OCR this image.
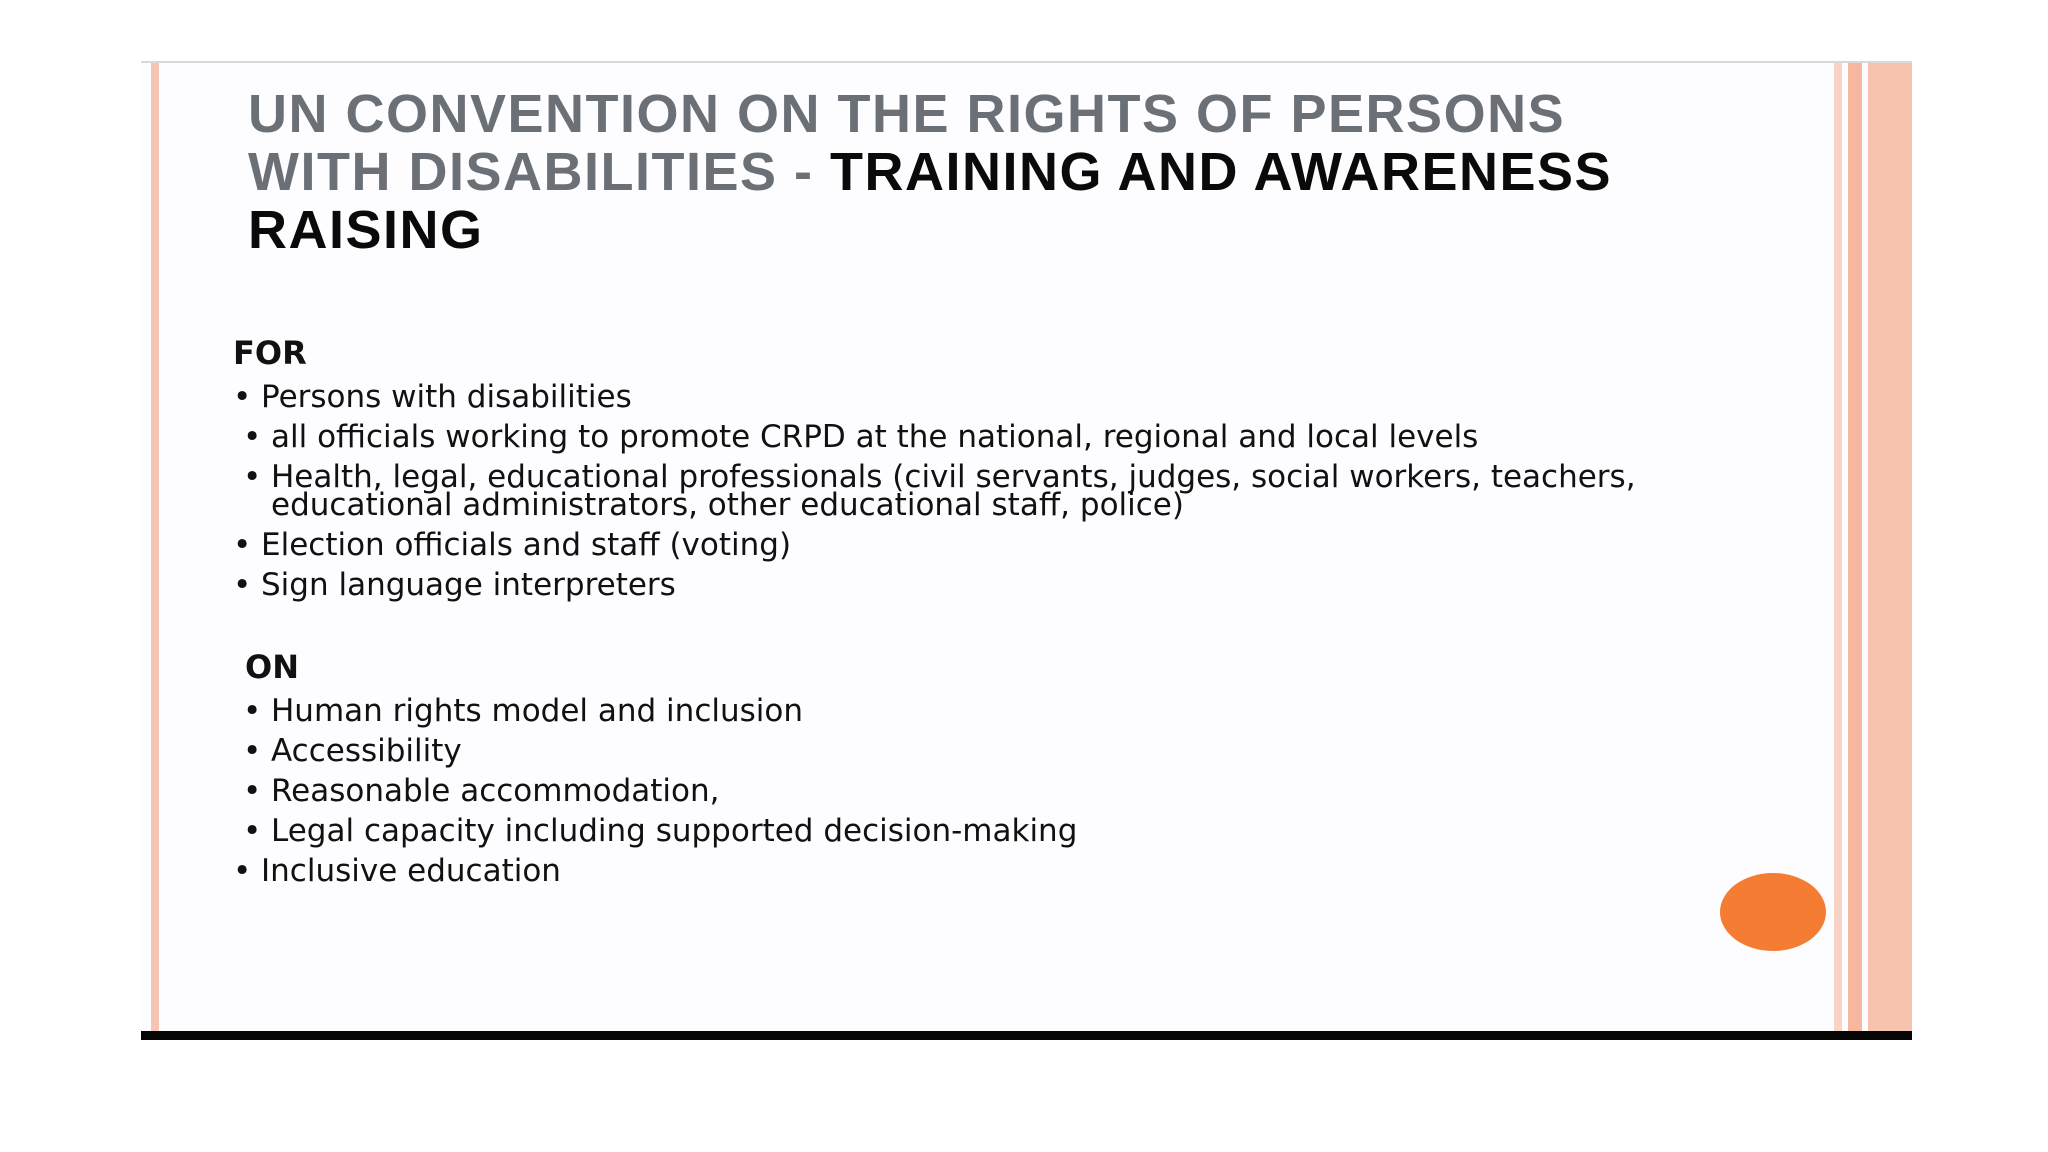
UN CONVENTION ON THE RIGHTS OF PERSONS WITH DISABILITIES - TRAINING AND AWARENESS RAISING
FOR
• Persons with disabilities
• all officials working to promote CRPD at the national, regional and local levels
• Health, legal, educational professionals (civil servants, judges, social workers, teachers, educational administrators, other educational staff, police)
• Election officials and staff (voting)
• Sign language interpreters
ON
• Human rights model and inclusion
• Accessibility
• Reasonable accommodation,
• Legal capacity including supported decision-making
• Inclusive education
